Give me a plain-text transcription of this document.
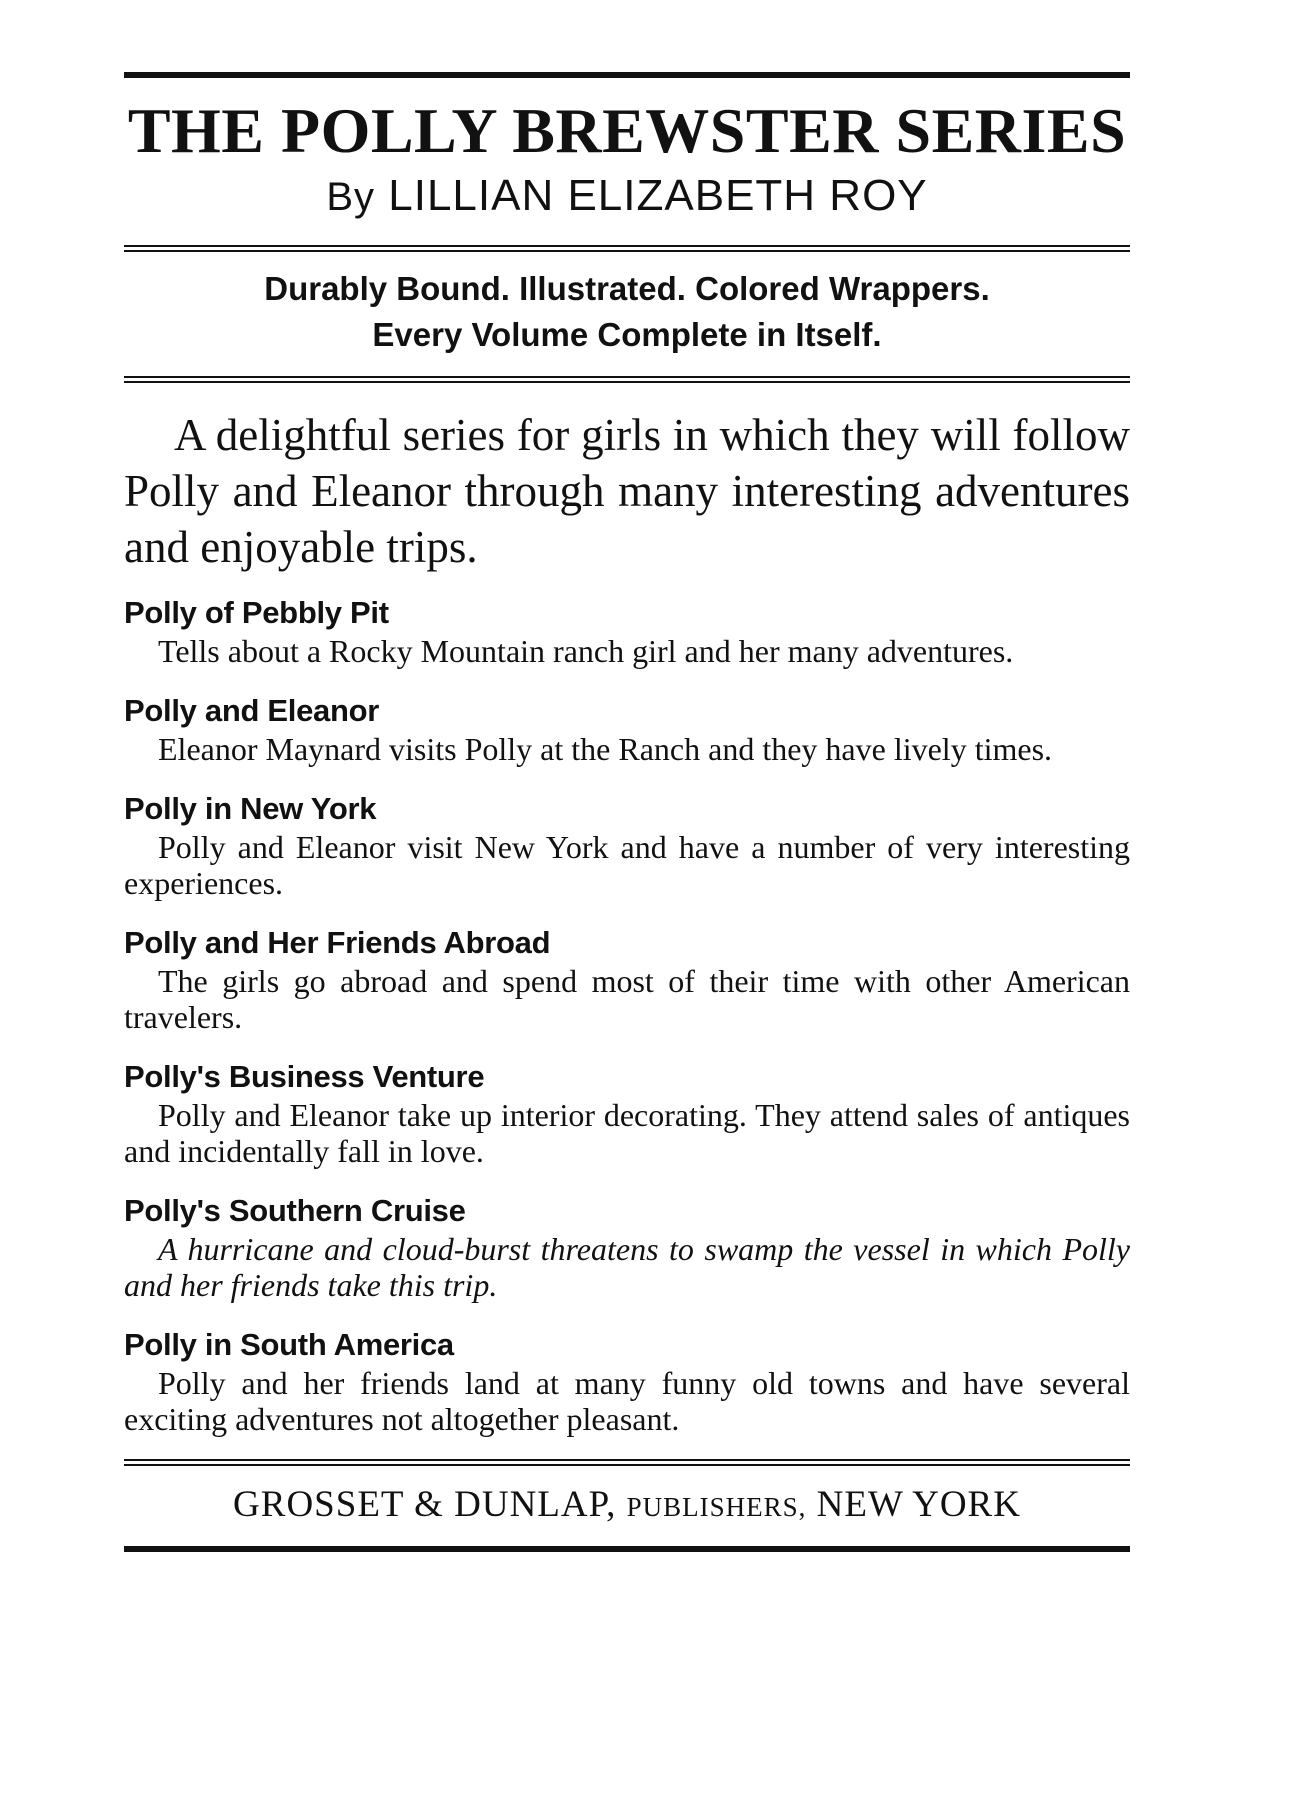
THE POLLY BREWSTER SERIES
By LILLIAN ELIZABETH ROY
Durably Bound. Illustrated. Colored Wrappers.
Every Volume Complete in Itself.
A delightful series for girls in which they will follow Polly and Eleanor through many interesting adventures and enjoyable trips.
Polly of Pebbly Pit
Tells about a Rocky Mountain ranch girl and her many adventures.
Polly and Eleanor
Eleanor Maynard visits Polly at the Ranch and they have lively times.
Polly in New York
Polly and Eleanor visit New York and have a number of very interesting experiences.
Polly and Her Friends Abroad
The girls go abroad and spend most of their time with other American travelers.
Polly's Business Venture
Polly and Eleanor take up interior decorating. They attend sales of antiques and incidentally fall in love.
Polly's Southern Cruise
A hurricane and cloud-burst threatens to swamp the vessel in which Polly and her friends take this trip.
Polly in South America
Polly and her friends land at many funny old towns and have several exciting adventures not altogether pleasant.
GROSSET & DUNLAP, PUBLISHERS, NEW YORK
